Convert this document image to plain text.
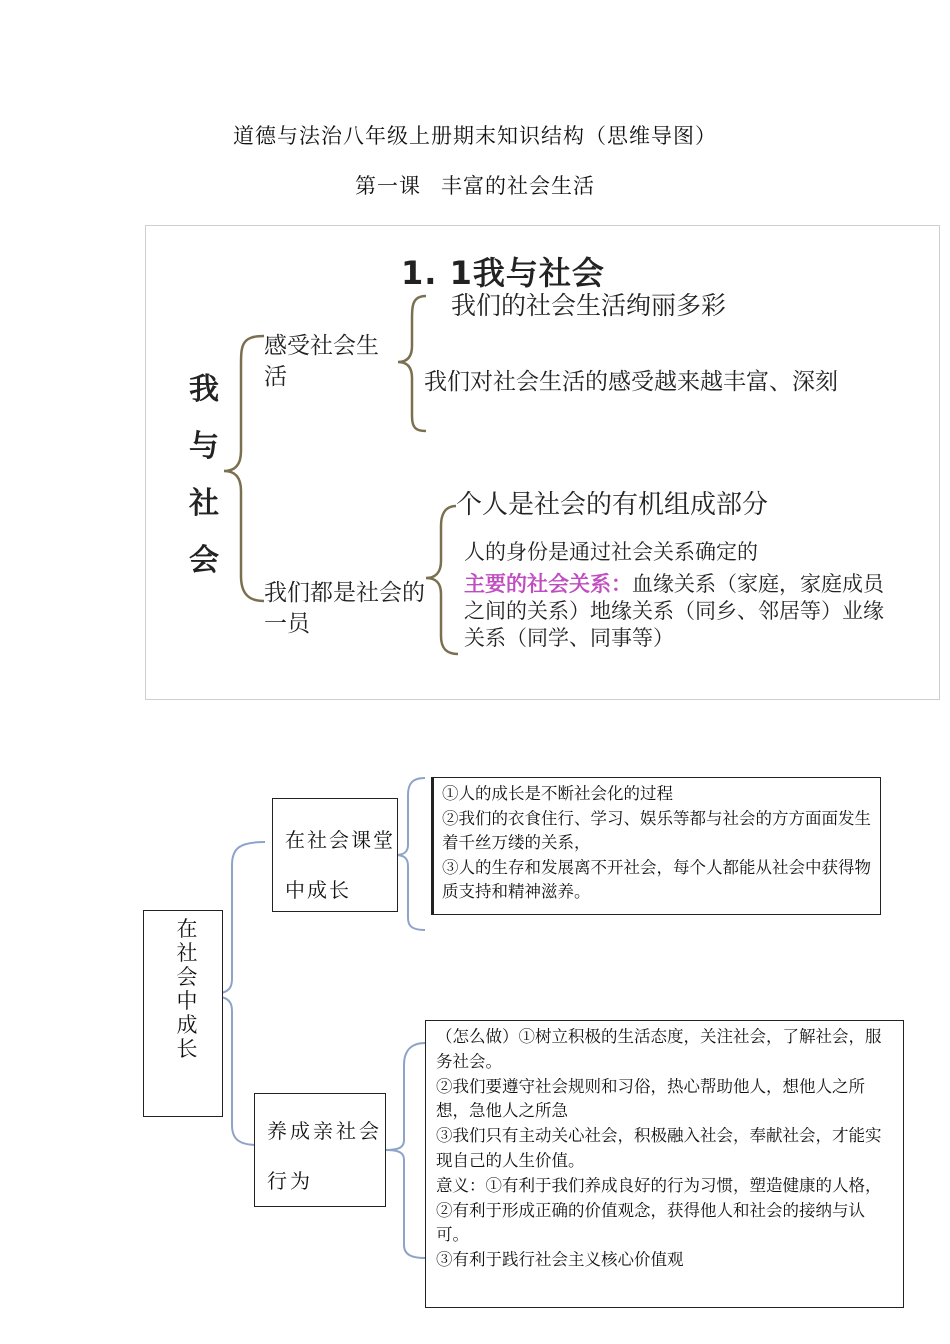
道德与法治八年级上册期末知识结构（思维导图）
第一课 丰富的社会生活
1. 1我与社会
我与社会
感受社会生活
我们都是社会的一员
我们的社会生活绚丽多彩
我们对社会生活的感受越来越丰富、深刻
个人是社会的有机组成部分
人的身份是通过社会关系确定的
主要的社会关系：血缘关系（家庭，家庭成员之间的关系）地缘关系（同乡、邻居等）业缘关系（同学、同事等）
在社会中成长
在社会课堂中成长
养成亲社会行为
①人的成长是不断社会化的过程
②我们的衣食住行、学习、娱乐等都与社会的方方面面发生着千丝万缕的关系，
③人的生存和发展离不开社会，每个人都能从社会中获得物质支持和精神滋养。
（怎么做）①树立积极的生活态度，关注社会，了解社会，服务社会。
②我们要遵守社会规则和习俗，热心帮助他人，想他人之所想，急他人之所急
③我们只有主动关心社会，积极融入社会，奉献社会，才能实现自己的人生价值。
意义：①有利于我们养成良好的行为习惯，塑造健康的人格，
②有利于形成正确的价值观念，获得他人和社会的接纳与认可。
③有利于践行社会主义核心价值观
